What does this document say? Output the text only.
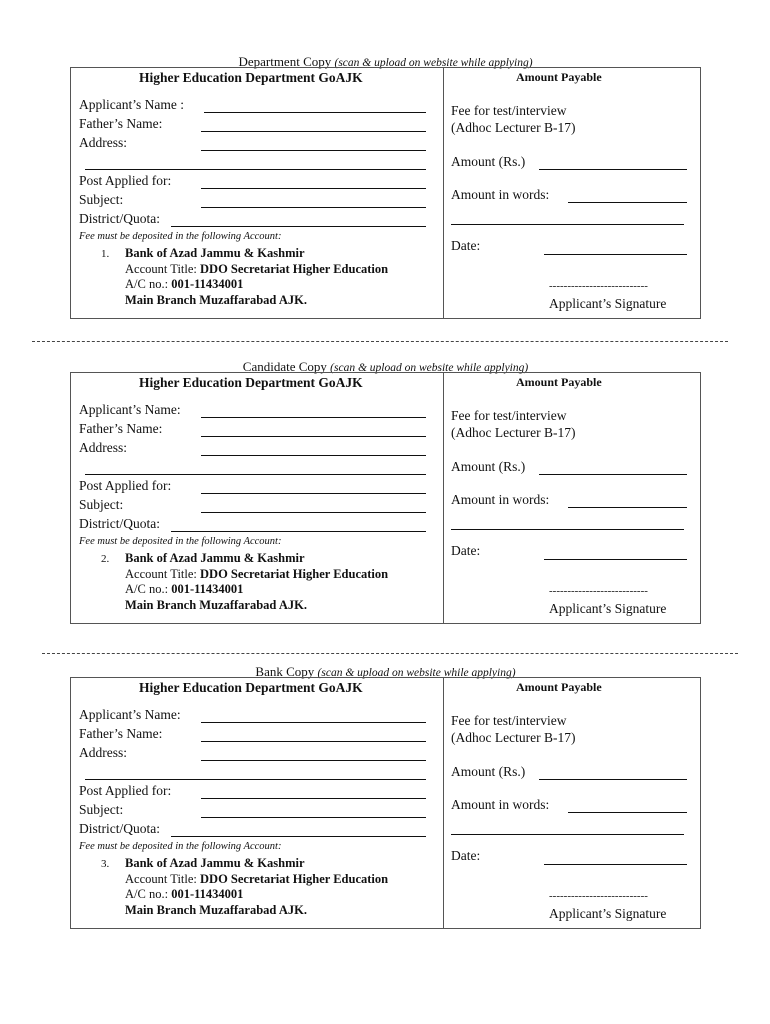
Department Copy (scan & upload on website while applying)
Higher Education Department GoAJK	Amount Payable
Applicant’s Name :
Father’s Name:
Address:
Post Applied for:
Subject:
District/Quota:
Fee must be deposited in the following Account:
1. Bank of Azad Jammu & Kashmir
Account Title: DDO Secretariat Higher Education
A/C no.: 001-11434001
Main Branch Muzaffarabad AJK.
Fee for test/interview
(Adhoc Lecturer B-17)
Amount (Rs.)
Amount in words:
Date:
---------------------------
Applicant’s Signature
Candidate Copy (scan & upload on website while applying)
Higher Education Department GoAJK	Amount Payable
Applicant’s Name:
Father’s Name:
Address:
Post Applied for:
Subject:
District/Quota:
Fee must be deposited in the following Account:
2. Bank of Azad Jammu & Kashmir
Account Title: DDO Secretariat Higher Education
A/C no.: 001-11434001
Main Branch Muzaffarabad AJK.
Fee for test/interview
(Adhoc Lecturer B-17)
Amount (Rs.)
Amount in words:
Date:
---------------------------
Applicant’s Signature
Bank Copy (scan & upload on website while applying)
Higher Education Department GoAJK	Amount Payable
Applicant’s Name:
Father’s Name:
Address:
Post Applied for:
Subject:
District/Quota:
Fee must be deposited in the following Account:
3. Bank of Azad Jammu & Kashmir
Account Title: DDO Secretariat Higher Education
A/C no.: 001-11434001
Main Branch Muzaffarabad AJK.
Fee for test/interview
(Adhoc Lecturer B-17)
Amount (Rs.)
Amount in words:
Date:
---------------------------
Applicant’s Signature
